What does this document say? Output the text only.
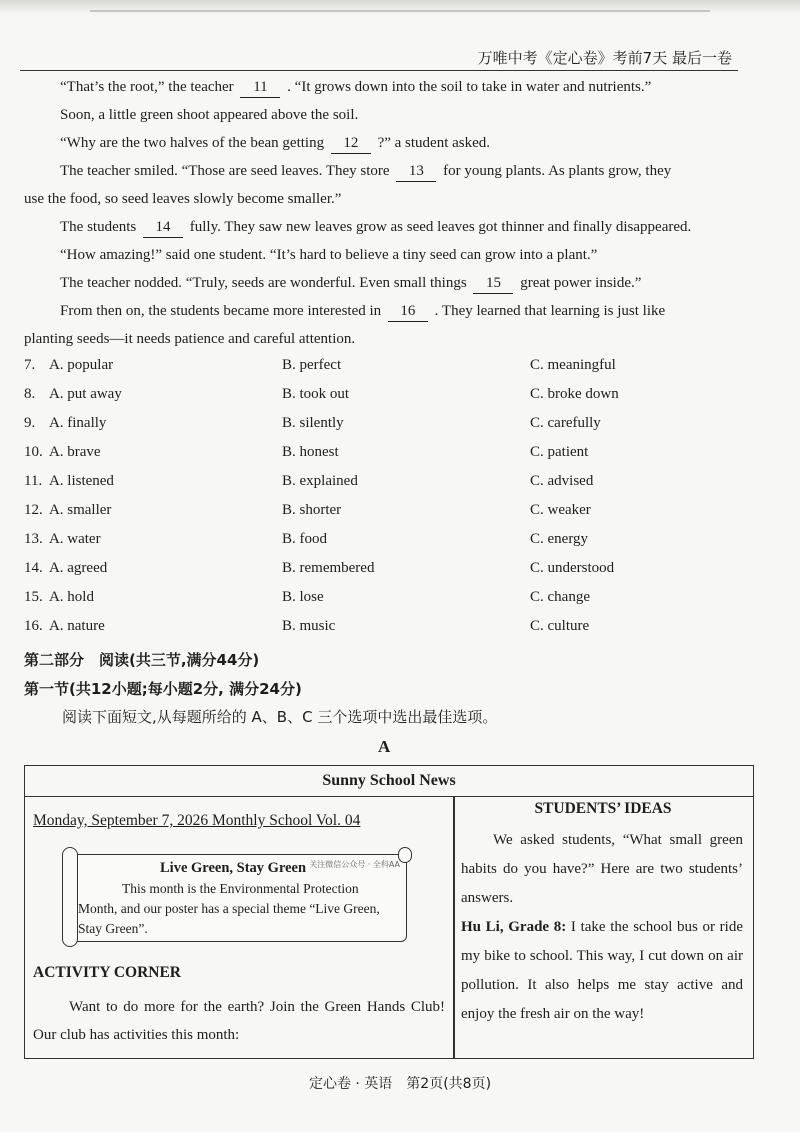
万唯中考《定心卷》考前7天 最后一卷
“That’s the root,” the teacher 11 . “It grows down into the soil to take in water and nutrients.”
Soon, a little green shoot appeared above the soil.
“Why are the two halves of the bean getting 12 ?” a student asked.
The teacher smiled. “Those are seed leaves. They store 13 for young plants. As plants grow, they
use the food, so seed leaves slowly become smaller.”
The students 14 fully. They saw new leaves grow as seed leaves got thinner and finally disappeared.
“How amazing!” said one student. “It’s hard to believe a tiny seed can grow into a plant.”
The teacher nodded. “Truly, seeds are wonderful. Even small things 15 great power inside.”
From then on, the students became more interested in 16 . They learned that learning is just like
planting seeds—it needs patience and careful attention.
7. A. popular	B. perfect	C. meaningful
8. A. put away	B. took out	C. broke down
9. A. finally	B. silently	C. carefully
10. A. brave	B. honest	C. patient
11. A. listened	B. explained	C. advised
12. A. smaller	B. shorter	C. weaker
13. A. water	B. food	C. energy
14. A. agreed	B. remembered	C. understood
15. A. hold	B. lose	C. change
16. A. nature	B. music	C. culture
第二部分　阅读(共三节,满分44分)
第一节(共12小题;每小题2分, 满分24分)
阅读下面短文,从每题所给的 A、B、C 三个选项中选出最佳选项。
A
Sunny School News
Monday, September 7, 2026 Monthly School Vol. 04
Live Green, Stay Green 关注微信公众号 · 全科AA
This month is the Environmental Protection Month, and our poster has a special theme “Live Green, Stay Green”.
ACTIVITY CORNER
Want to do more for the earth? Join the Green Hands Club! Our club has activities this month:
STUDENTS’ IDEAS

We asked students, “What small green habits do you have?” Here are two students’ answers.

Hu Li, Grade 8: I take the school bus or ride my bike to school. This way, I cut down on air pollution. It also helps me stay active and enjoy the fresh air on the way!

定心卷 · 英语　第2页(共8页)
